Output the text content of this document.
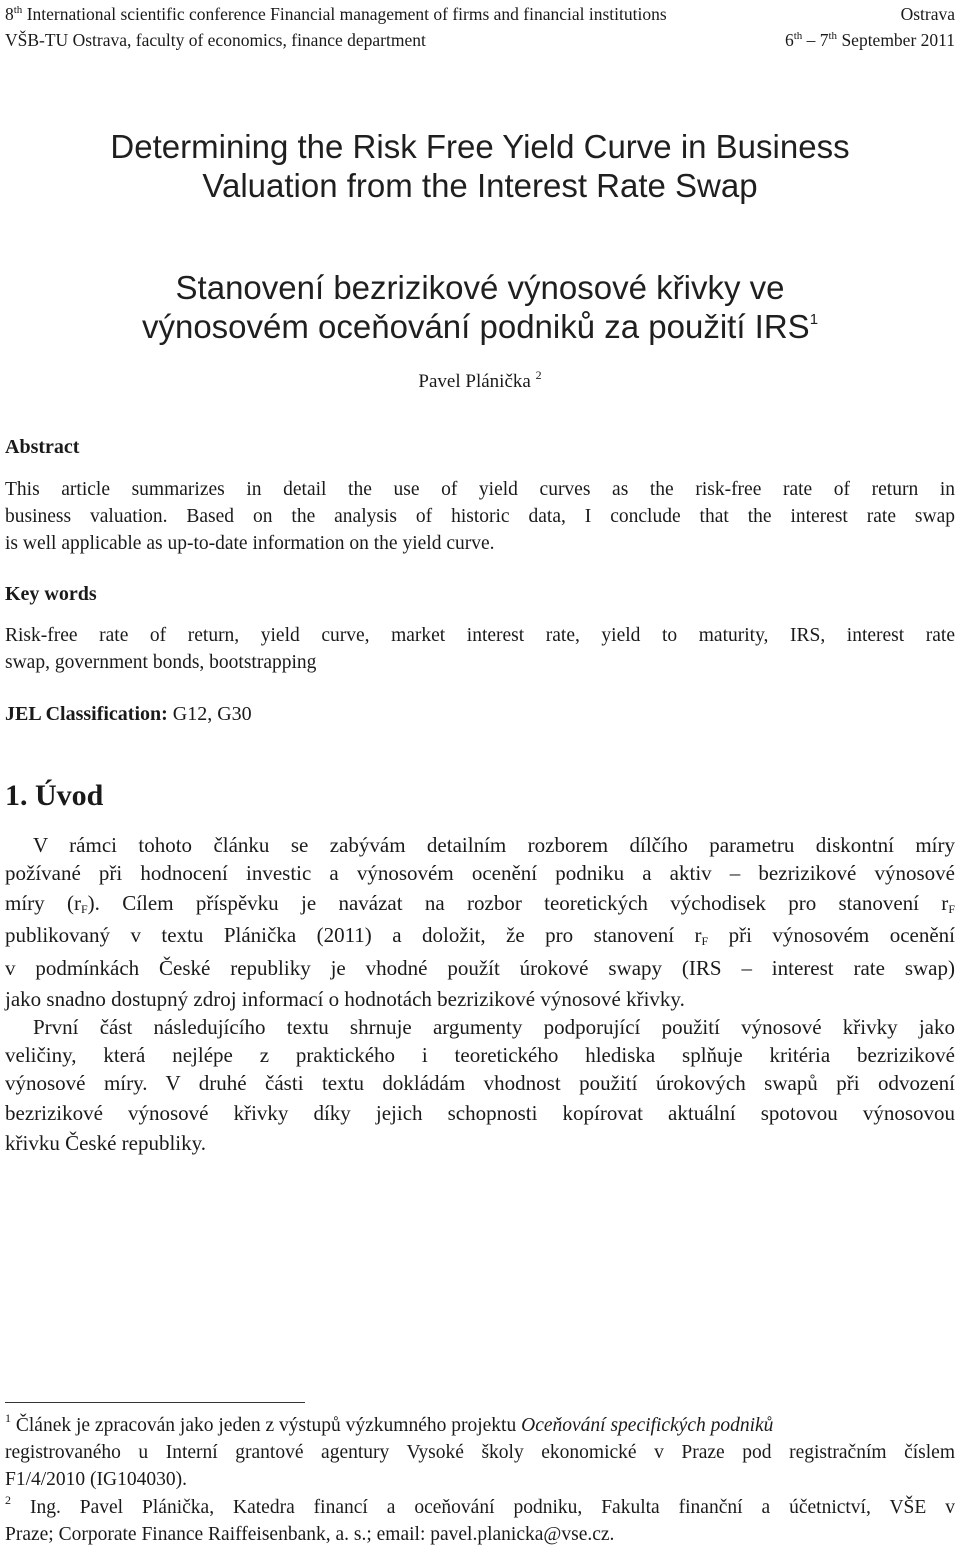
8th International scientific conference Financial management of firms and financial institutions	Ostrava
VŠB-TU Ostrava, faculty of economics, finance department	6th – 7th September 2011
Determining the Risk Free Yield Curve in Business
Valuation from the Interest Rate Swap
Stanovení bezrizikové výnosové křivky ve
výnosovém oceňování podniků za použití IRS$^1$
Pavel Plánička $^2$
Abstract
This article summarizes in detail the use of yield curves as the risk-free rate of return in
business valuation. Based on the analysis of historic data, I conclude that the interest rate swap
is well applicable as up-to-date information on the yield curve.
Key words
Risk-free rate of return, yield curve, market interest rate, yield to maturity, IRS, interest rate
swap, government bonds, bootstrapping
JEL Classification: G12, G30
1. Úvod
V rámci tohoto článku se zabývám detailním rozborem dílčího parametru diskontní míry
požívané při hodnocení investic a výnosovém ocenění podniku a aktiv – bezrizikové výnosové
míry $(r_F)$. Cílem příspěvku je navázat na rozbor teoretických východisek pro stanovení $r_F$
publikovaný v textu Plánička (2011) a doložit, že pro stanovení $r_F$ při výnosovém ocenění
v podmínkách České republiky je vhodné použít úrokové swapy (IRS – interest rate swap)
jako snadno dostupný zdroj informací o hodnotách bezrizikové výnosové křivky.
První část následujícího textu shrnuje argumenty podporující použití výnosové křivky jako
veličiny, která nejlépe z praktického i teoretického hlediska splňuje kritéria bezrizikové
výnosové míry. V druhé části textu dokládám vhodnost použití úrokových swapů při odvození
bezrizikové výnosové křivky díky jejich schopnosti kopírovat aktuální spotovou výnosovou
křivku České republiky.
$^1$ Článek je zpracován jako jeden z výstupů výzkumného projektu Oceňování specifických podniků
registrovaného u Interní grantové agentury Vysoké školy ekonomické v Praze pod registračním číslem
F1/4/2010 (IG104030).
$^2$ Ing. Pavel Plánička, Katedra financí a oceňování podniku, Fakulta finanční a účetnictví, VŠE v
Praze; Corporate Finance Raiffeisenbank, a. s.; email: pavel.planicka@vse.cz.
